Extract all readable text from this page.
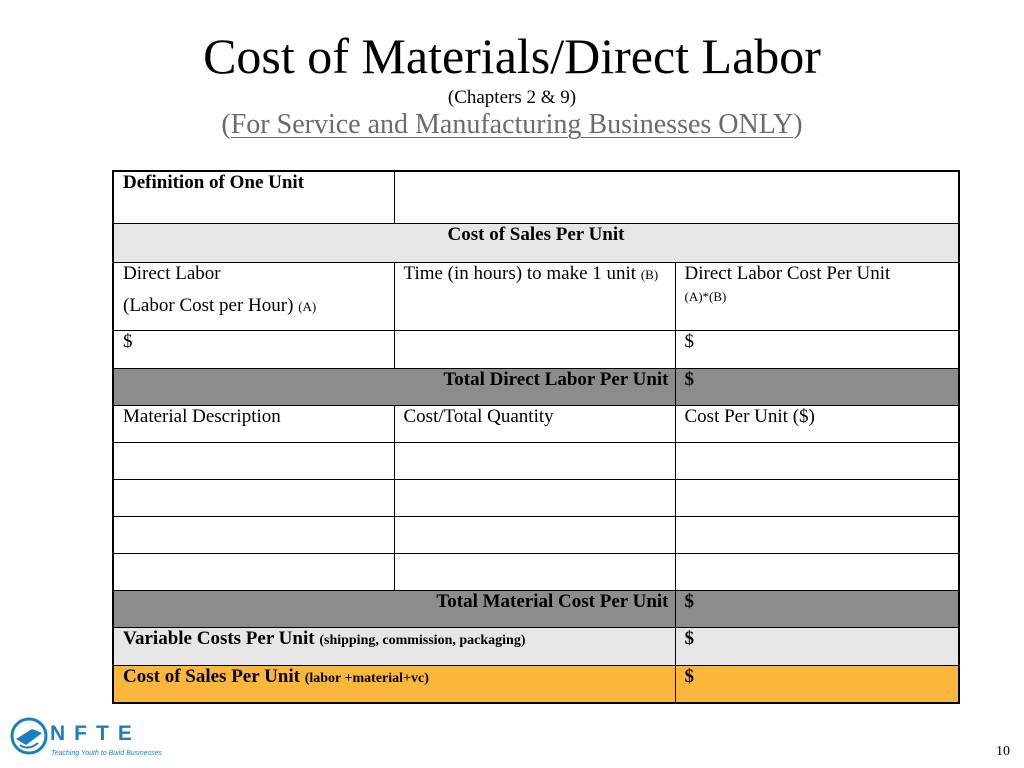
Cost of Materials/Direct Labor
(Chapters 2 & 9)
(For Service and Manufacturing Businesses ONLY)
Definition of One Unit		
Cost of Sales Per Unit		
Direct Labor
(Labor Cost per Hour) (A)	Time (in hours) to make 1 unit (B)	Direct Labor Cost Per Unit
(A)*(B)
$		$
Total Direct Labor Per Unit		$
Material Description	Cost/Total Quantity	Cost Per Unit ($)

Total Material Cost Per Unit		$
Variable Costs Per Unit (shipping, commission, packaging)		$
Cost of Sales Per Unit (labor +material+vc)		$
NFTE
Teaching Youth to Build Businesses	10
